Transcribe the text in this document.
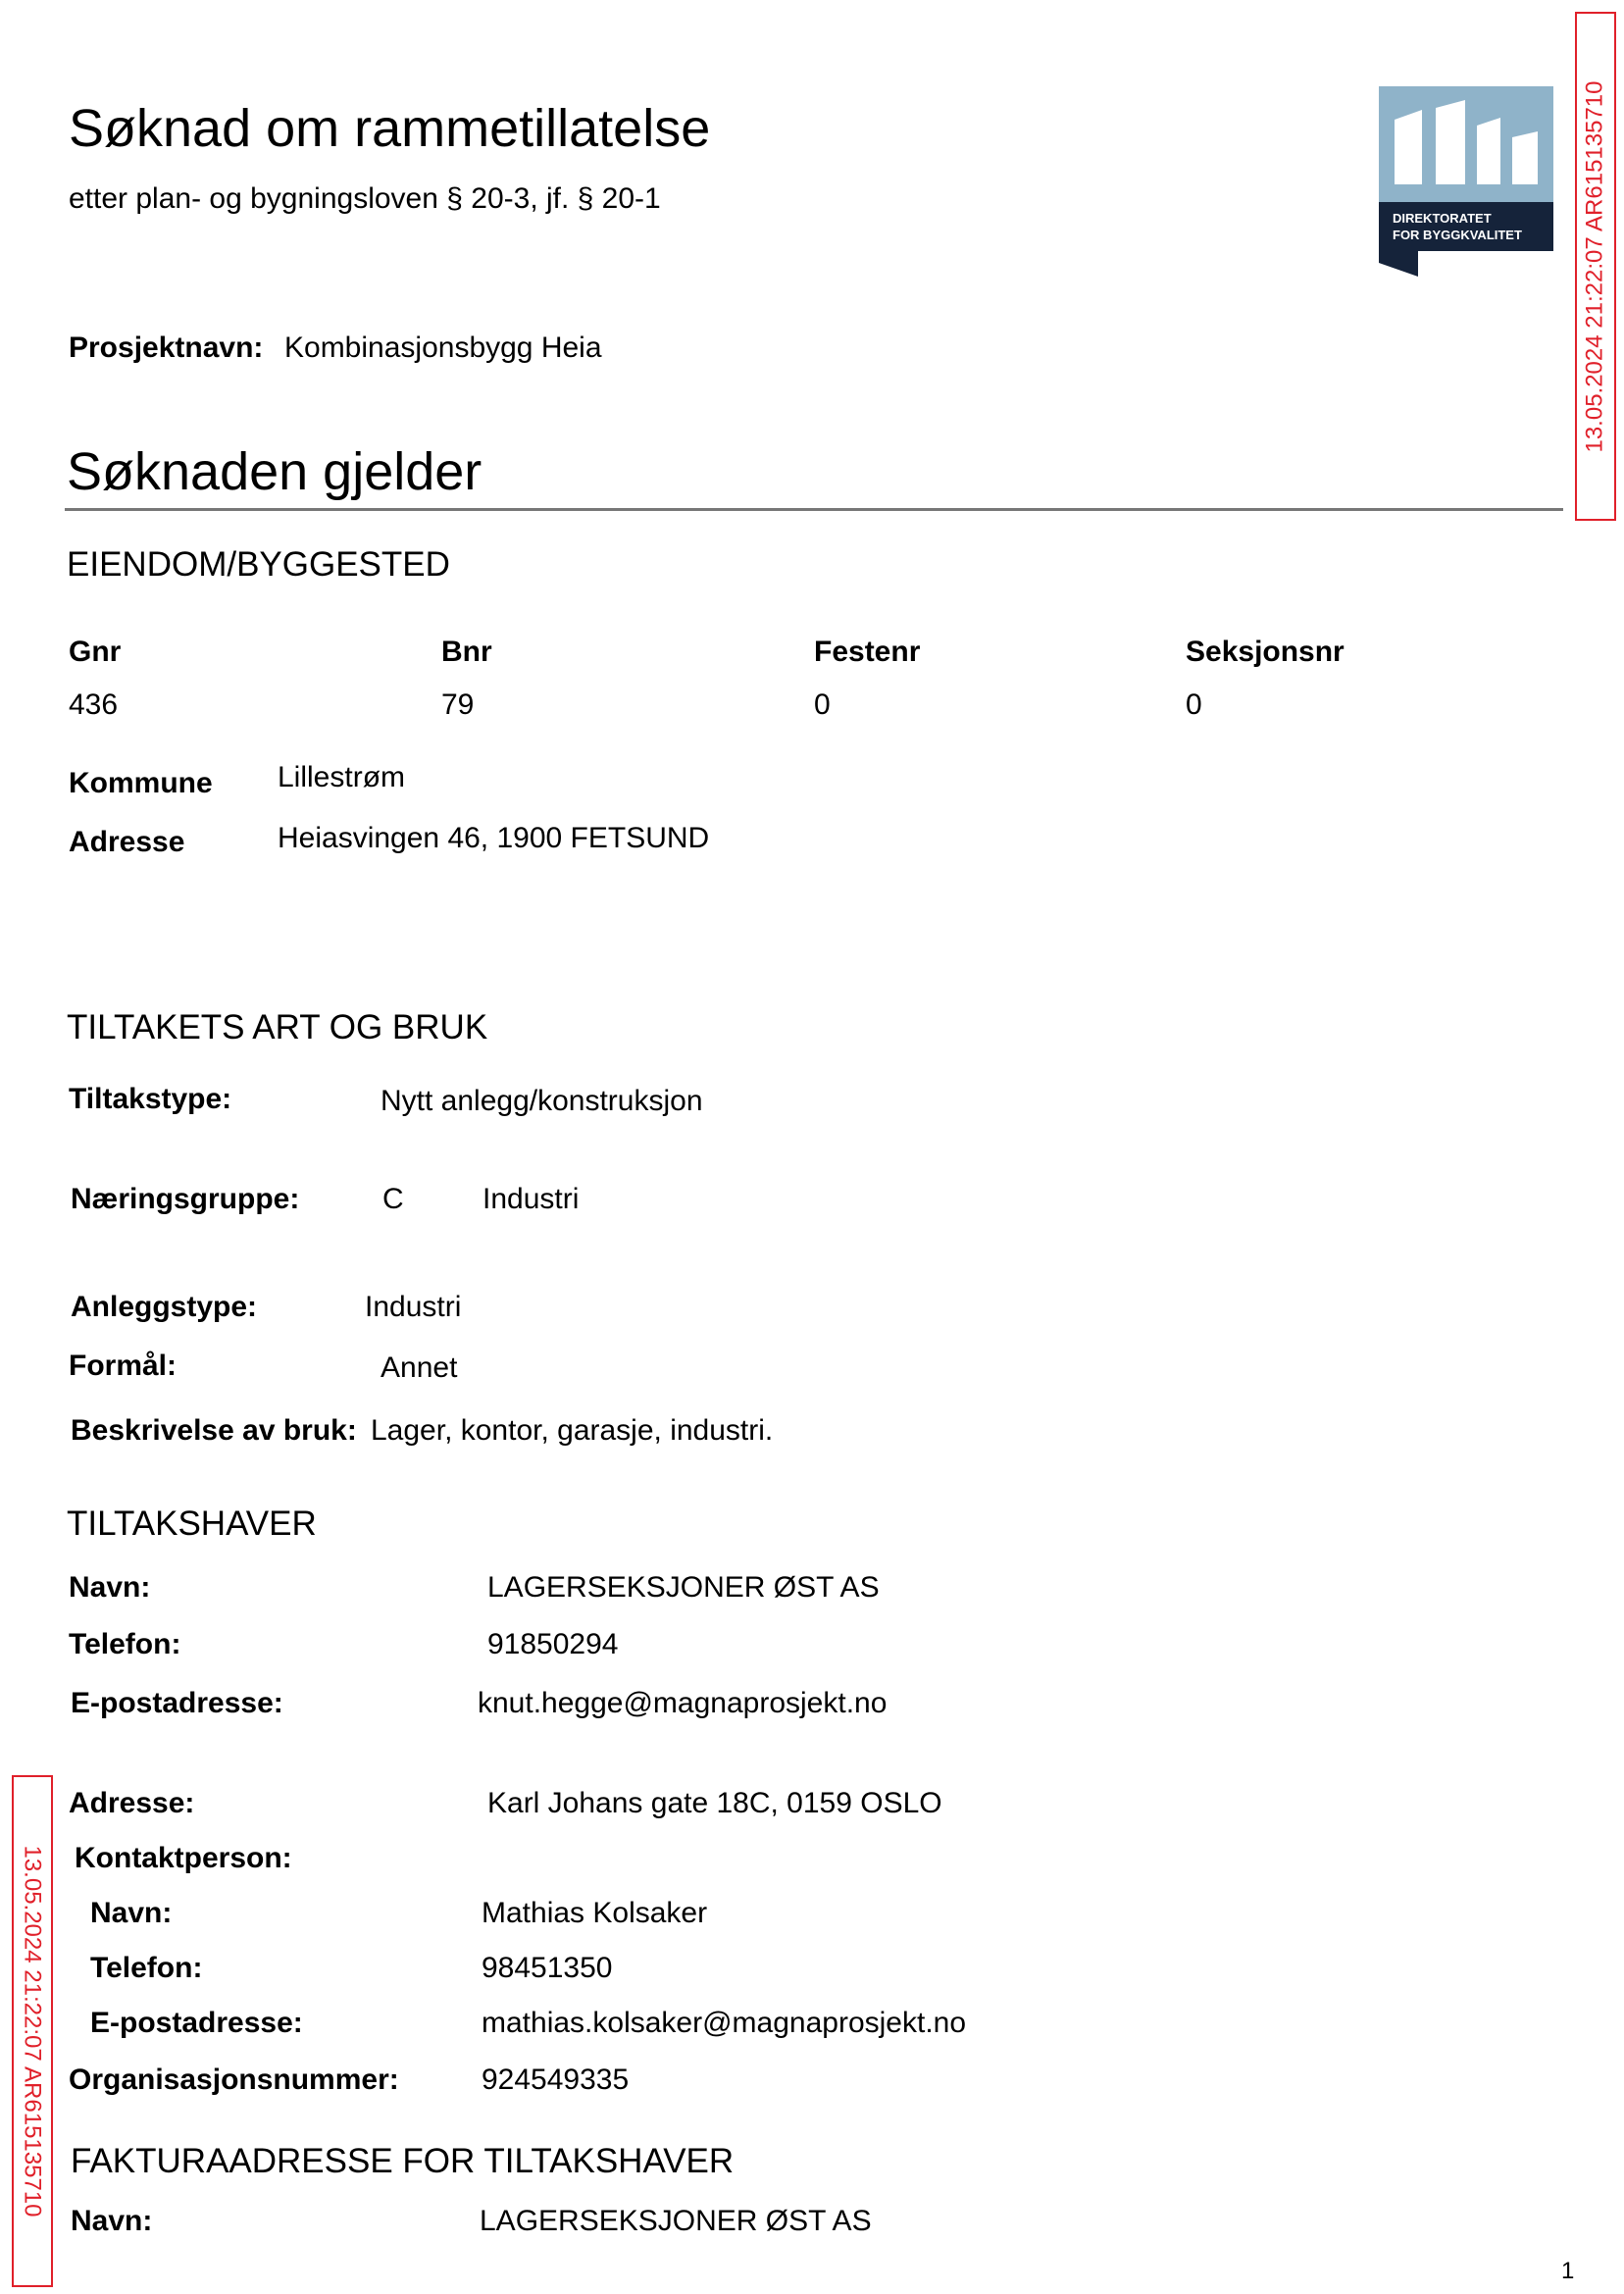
Søknad om rammetillatelse
etter plan- og bygningsloven § 20-3, jf. § 20-1
DIREKTORATET
FOR BYGGKVALITET	13.05.2024 21:22:07 AR615135710
13.05.2024 21:22:07 AR615135710
Prosjektnavn: Kombinasjonsbygg Heia
Søknaden gjelder
EIENDOM/BYGGESTED
Gnr	Bnr	Festenr	Seksjonsnr
436	79	0	0
Kommune Lillestrøm
Adresse	Heiasvingen 46, 1900 FETSUND
TILTAKETS ART OG BRUK
Tiltakstype:	Nytt anlegg/konstruksjon
Næringsgruppe:	C	Industri
Anleggstype:	Industri
Formål:	Annet
Beskrivelse av bruk: Lager, kontor, garasje, industri.
TILTAKSHAVER
Navn:	LAGERSEKSJONER ØST AS
Telefon:	91850294
E-postadresse:	knut.hegge@magnaprosjekt.no
Adresse:	Karl Johans gate 18C, 0159 OSLO
Kontaktperson:
Navn:	Mathias Kolsaker
Telefon:	98451350
E-postadresse:	mathias.kolsaker@magnaprosjekt.no
Organisasjonsnummer:	924549335
FAKTURAADRESSE FOR TILTAKSHAVER
Navn:	LAGERSEKSJONER ØST AS
1
